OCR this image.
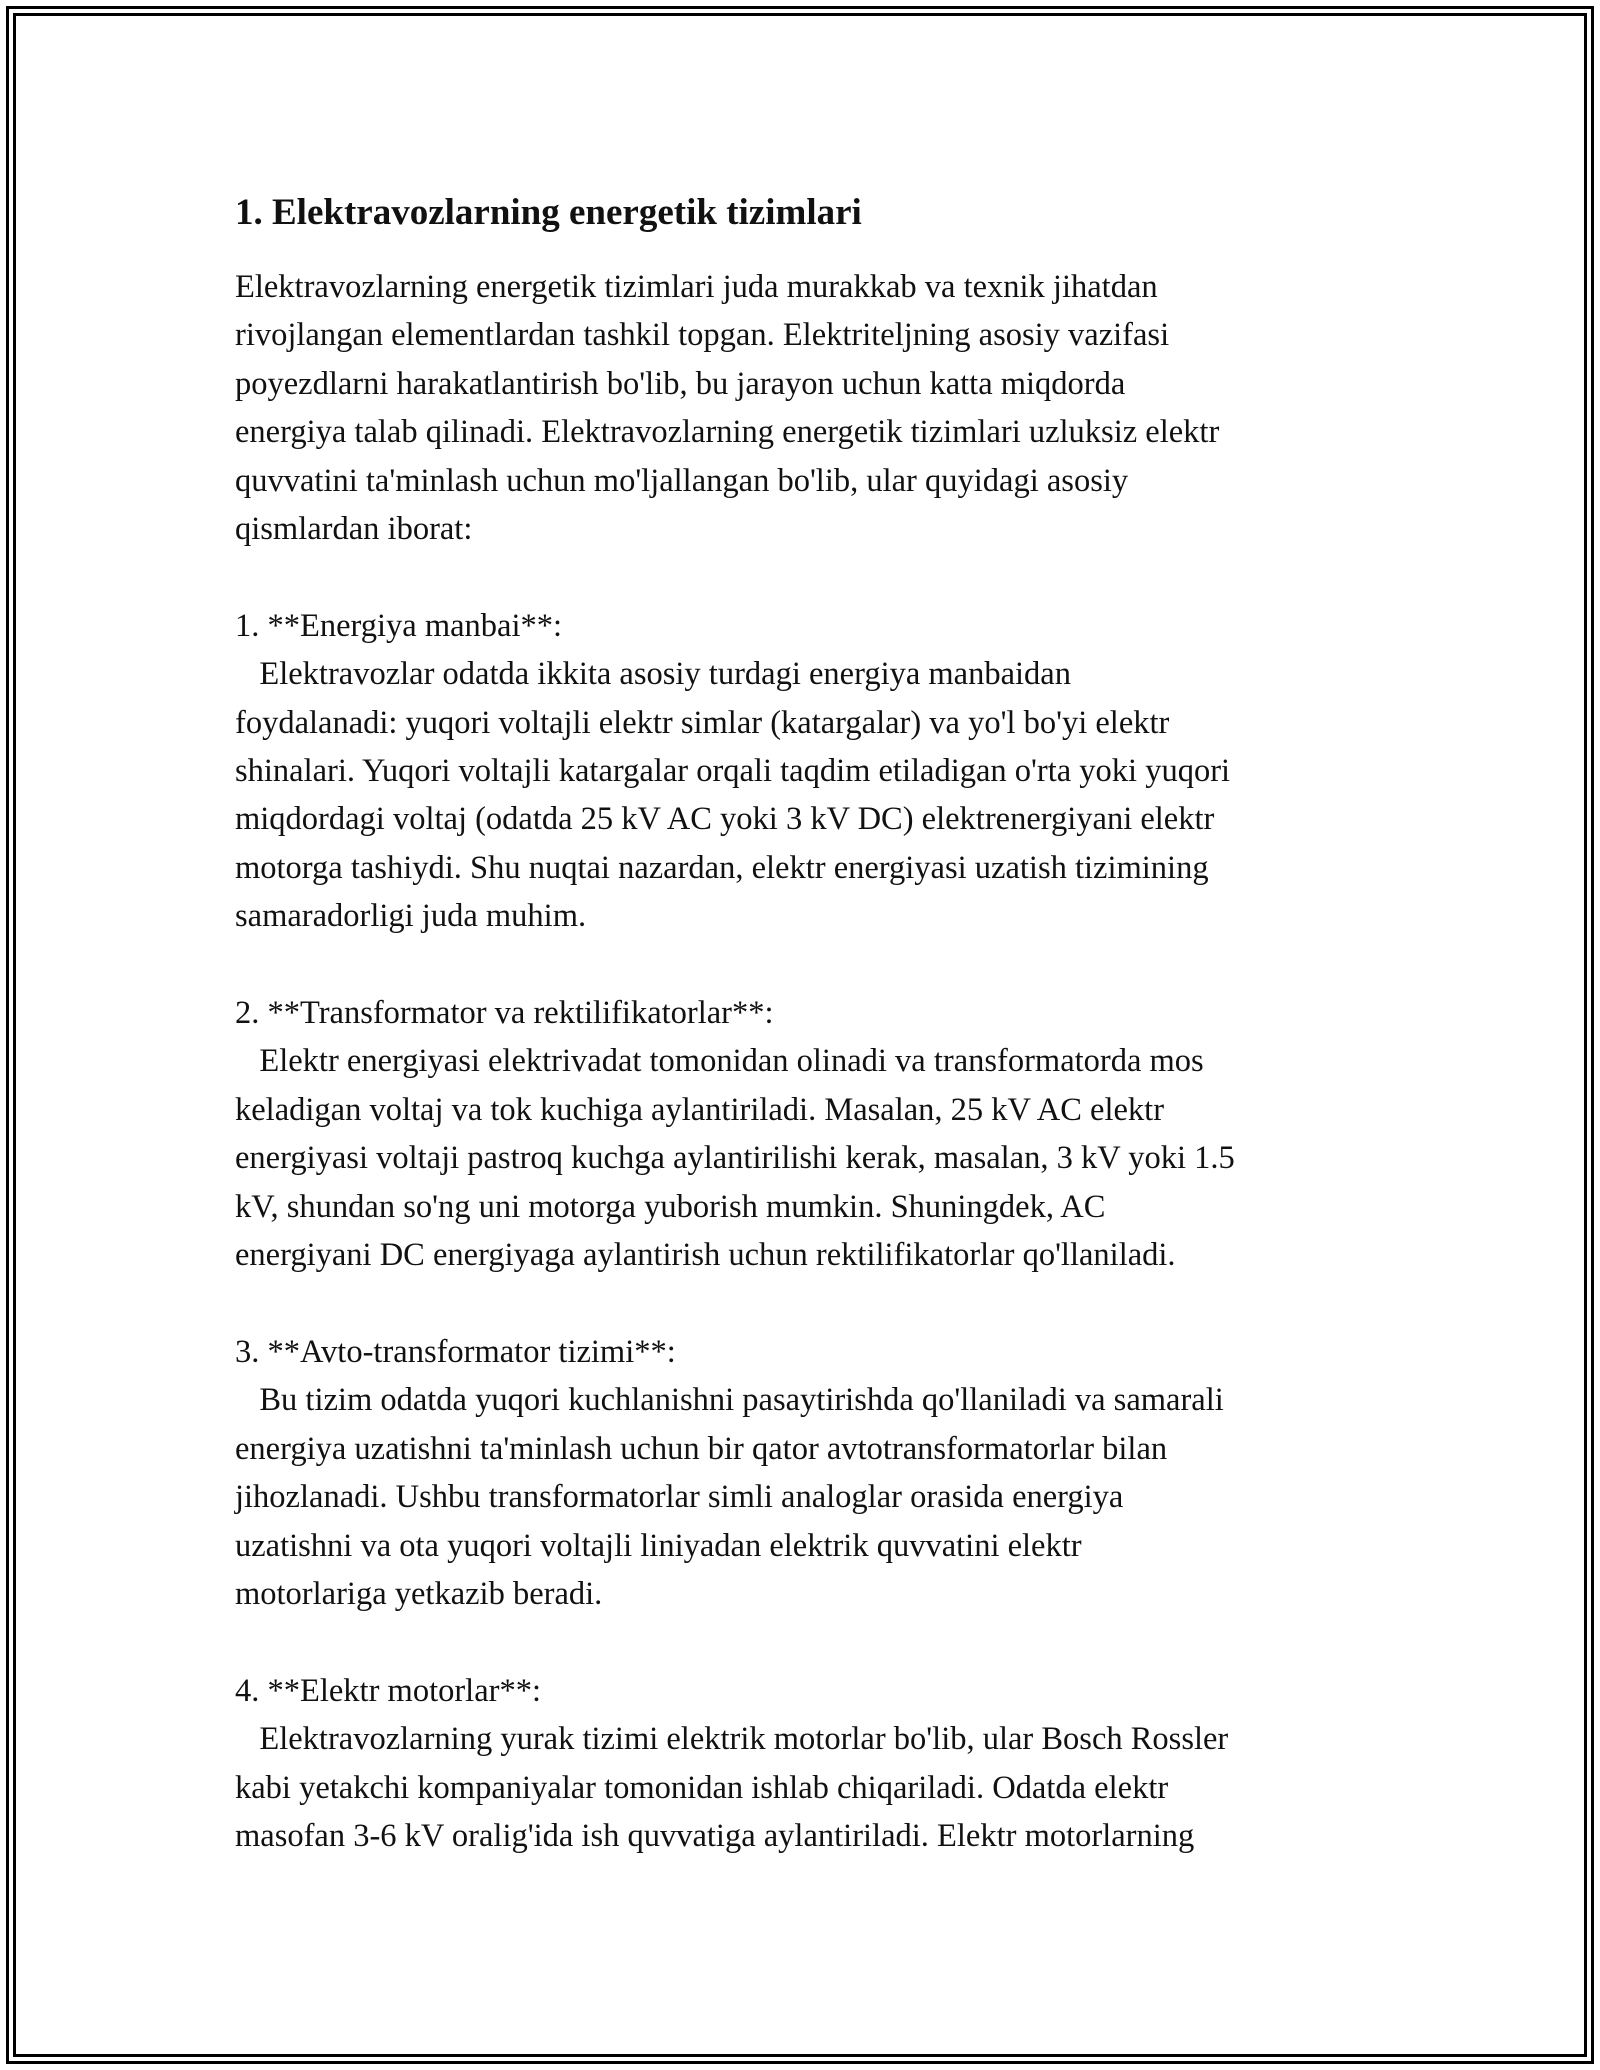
1. Elektravozlarning energetik tizimlari

Elektravozlarning energetik tizimlari juda murakkab va texnik jihatdan
rivojlangan elementlardan tashkil topgan. Elektriteljning asosiy vazifasi
poyezdlarni harakatlantirish bo'lib, bu jarayon uchun katta miqdorda
energiya talab qilinadi. Elektravozlarning energetik tizimlari uzluksiz elektr
quvvatini ta'minlash uchun mo'ljallangan bo'lib, ular quyidagi asosiy
qismlardan iborat:

1. **Energiya manbai**:
Elektravozlar odatda ikkita asosiy turdagi energiya manbaidan
foydalanadi: yuqori voltajli elektr simlar (katargalar) va yo'l bo'yi elektr
shinalari. Yuqori voltajli katargalar orqali taqdim etiladigan o'rta yoki yuqori
miqdordagi voltaj (odatda 25 kV AC yoki 3 kV DC) elektrenergiyani elektr
motorga tashiydi. Shu nuqtai nazardan, elektr energiyasi uzatish tizimining
samaradorligi juda muhim.
2. **Transformator va rektilifikatorlar**:
Elektr energiyasi elektrivadat tomonidan olinadi va transformatorda mos
keladigan voltaj va tok kuchiga aylantiriladi. Masalan, 25 kV AC elektr
energiyasi voltaji pastroq kuchga aylantirilishi kerak, masalan, 3 kV yoki 1.5
kV, shundan so'ng uni motorga yuborish mumkin. Shuningdek, AC
energiyani DC energiyaga aylantirish uchun rektilifikatorlar qo'llaniladi.
3. **Avto-transformator tizimi**:
Bu tizim odatda yuqori kuchlanishni pasaytirishda qo'llaniladi va samarali
energiya uzatishni ta'minlash uchun bir qator avtotransformatorlar bilan
jihozlanadi. Ushbu transformatorlar simli analoglar orasida energiya
uzatishni va ota yuqori voltajli liniyadan elektrik quvvatini elektr
motorlariga yetkazib beradi.
4. **Elektr motorlar**:
Elektravozlarning yurak tizimi elektrik motorlar bo'lib, ular Bosch Rossler
kabi yetakchi kompaniyalar tomonidan ishlab chiqariladi. Odatda elektr
masofan 3-6 kV oralig'ida ish quvvatiga aylantiriladi. Elektr motorlarning
